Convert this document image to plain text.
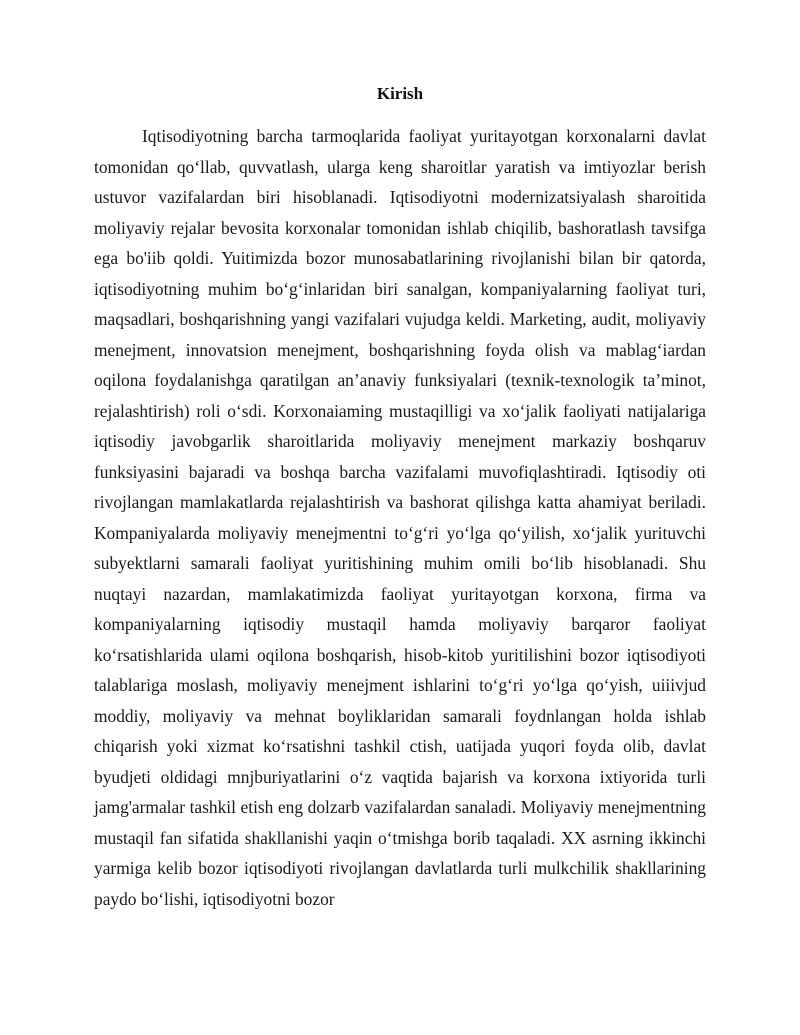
Kirish

Iqtisodiyotning barcha tarmoqlarida faoliyat yuritayotgan korxonalarni davlat tomonidan qo‘llab, quvvatlash, ularga keng sharoitlar yaratish va imtiyozlar berish ustuvor vazifalardan biri hisoblanadi. Iqtisodiyotni modernizatsiyalash sharoitida moliyaviy rejalar bevosita korxonalar tomonidan ishlab chiqilib, bashoratlash tavsifga ega bo'iib qoldi. Yuitimizda bozor munosabatlarining rivojlanishi bilan bir qatorda, iqtisodiyotning muhim bo‘g‘inlaridan biri sanalgan, kompaniyalarning faoliyat turi, maqsadlari, boshqarishning yangi vazifalari vujudga keldi. Marketing, audit, moliyaviy menejment, innovatsion menejment, boshqarishning foyda olish va mablag‘iardan oqilona foydalanishga qaratilgan an’anaviy funksiyalari (texnik-texnologik ta’minot, rejalashtirish) roli o‘sdi. Korxonaiaming mustaqilligi va xo‘jalik faoliyati natijalariga iqtisodiy javobgarlik sharoitlarida moliyaviy menejment markaziy boshqaruv funksiyasini bajaradi va boshqa barcha vazifalami muvofiqlashtiradi. Iqtisodiy oti rivojlangan mamlakatlarda rejalashtirish va bashorat qilishga katta ahamiyat beriladi. Kompaniyalarda moliyaviy menejmentni to‘g‘ri yo‘lga qo‘yilish, xo‘jalik yurituvchi subyektlarni samarali faoliyat yuritishining muhim omili bo‘lib hisoblanadi. Shu nuqtayi nazardan, mamlakatimizda faoliyat yuritayotgan korxona, firma va kompaniyalarning iqtisodiy mustaqil hamda moliyaviy barqaror faoliyat ko‘rsatishlarida ulami oqilona boshqarish, hisob-kitob yuritilishini bozor iqtisodiyoti talablariga moslash, moliyaviy menejment ishlarini to‘g‘ri yo‘lga qo‘yish, uiiivjud moddiy, moliyaviy va mehnat boyliklaridan samarali foydnlangan holda ishlab chiqarish yoki xizmat ko‘rsatishni tashkil ctish, uatijada yuqori foyda olib, davlat byudjeti oldidagi mnjburiyatlarini o‘z vaqtida bajarish va korxona ixtiyorida turli jamg'armalar tashkil etish eng dolzarb vazifalardan sanaladi. Moliyaviy menejmentning mustaqil fan sifatida shakllanishi yaqin o‘tmishga borib taqaladi. XX asrning ikkinchi yarmiga kelib bozor iqtisodiyoti rivojlangan davlatlarda turli mulkchilik shakllarining paydo bo‘lishi, iqtisodiyotni bozor
